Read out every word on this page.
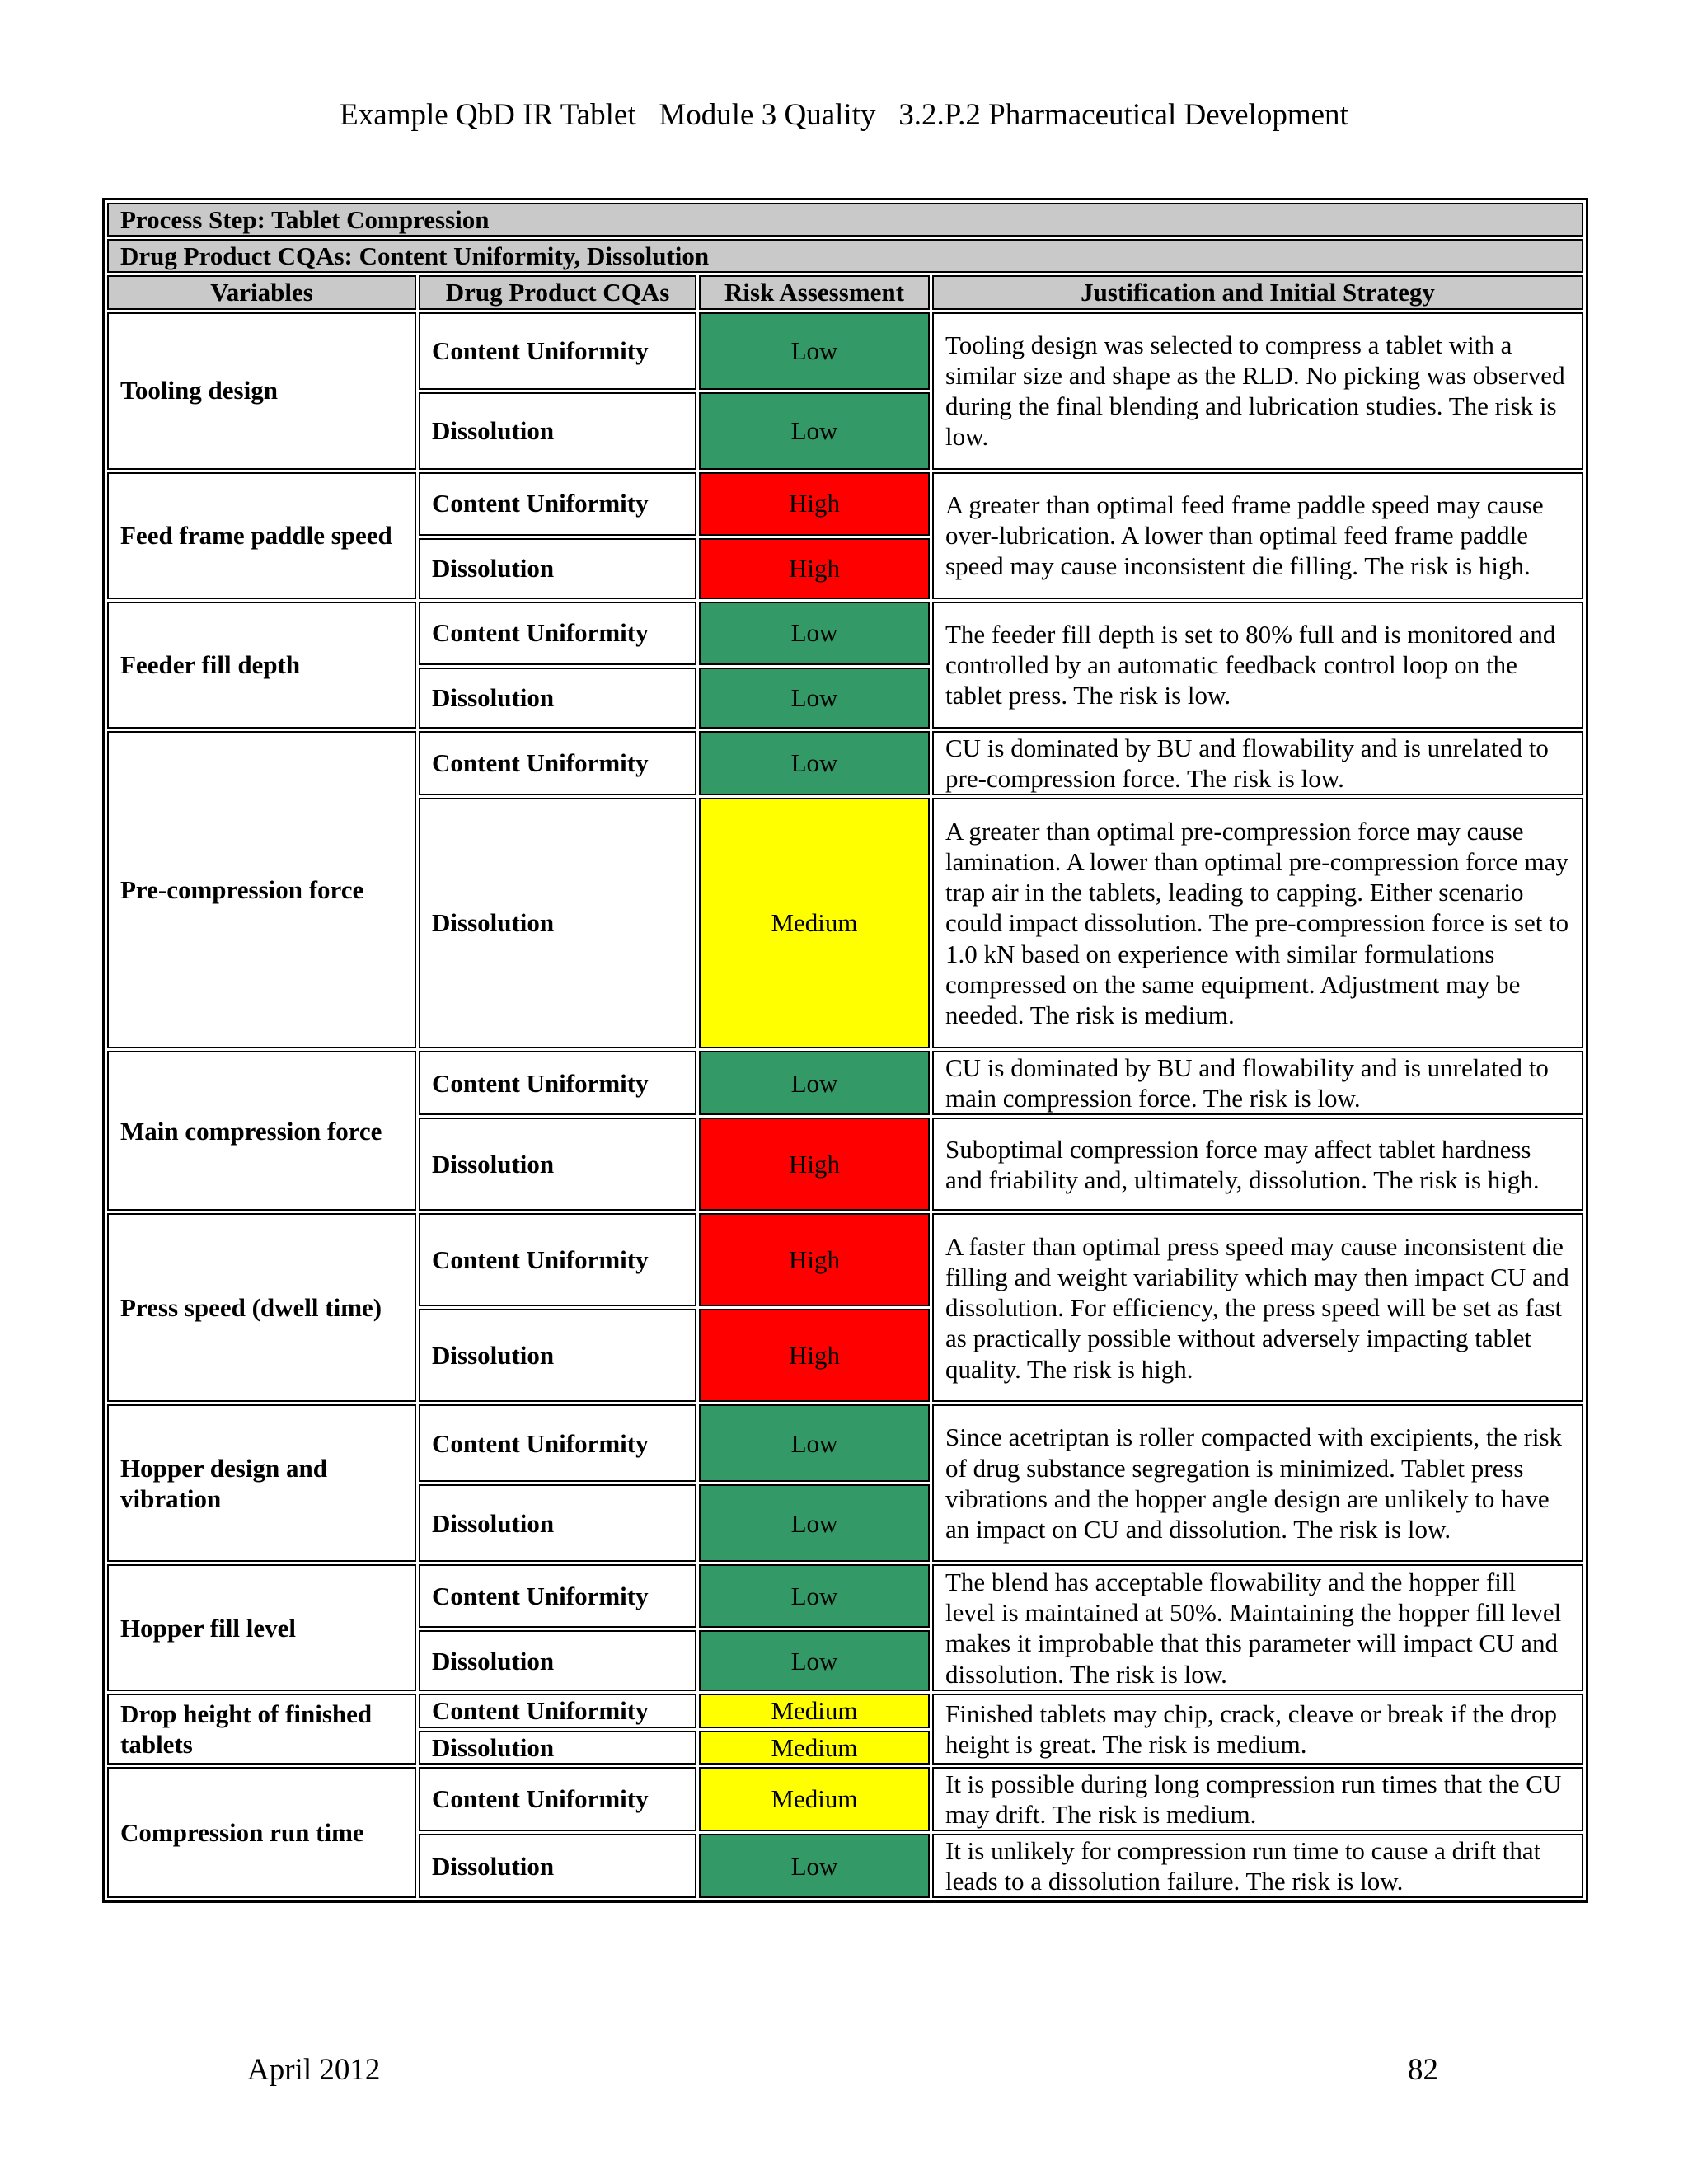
Example QbD IR Tablet   Module 3 Quality   3.2.P.2 Pharmaceutical Development
Process Step: Tablet Compression			
Drug Product CQAs: Content Uniformity, Dissolution			
Variables	Drug Product CQAs	Risk Assessment	Justification and Initial Strategy
Tooling design	Content Uniformity	Low	Tooling design was selected to compress a tablet with a similar size and shape as the RLD. No picking was observed during the final blending and lubrication studies. The risk is low.
	Dissolution	Low	
Feed frame paddle speed	Content Uniformity	High	A greater than optimal feed frame paddle speed may cause over-lubrication. A lower than optimal feed frame paddle speed may cause inconsistent die filling. The risk is high.
	Dissolution	High	
Feeder fill depth	Content Uniformity	Low	The feeder fill depth is set to 80% full and is monitored and controlled by an automatic feedback control loop on the tablet press. The risk is low.
	Dissolution	Low	
Pre-compression force	Content Uniformity	Low	CU is dominated by BU and flowability and is unrelated to pre-compression force. The risk is low.
	Dissolution	Medium	A greater than optimal pre-compression force may cause lamination. A lower than optimal pre-compression force may trap air in the tablets, leading to capping. Either scenario could impact dissolution. The pre-compression force is set to 1.0 kN based on experience with similar formulations compressed on the same equipment. Adjustment may be needed. The risk is medium.
Main compression force	Content Uniformity	Low	CU is dominated by BU and flowability and is unrelated to main compression force. The risk is low.
	Dissolution	High	Suboptimal compression force may affect tablet hardness and friability and, ultimately, dissolution. The risk is high.
Press speed (dwell time)	Content Uniformity	High	A faster than optimal press speed may cause inconsistent die filling and weight variability which may then impact CU and dissolution. For efficiency, the press speed will be set as fast as practically possible without adversely impacting tablet quality. The risk is high.
	Dissolution	High	
Hopper design and vibration	Content Uniformity	Low	Since acetriptan is roller compacted with excipients, the risk of drug substance segregation is minimized. Tablet press vibrations and the hopper angle design are unlikely to have an impact on CU and dissolution. The risk is low.
	Dissolution	Low	
Hopper fill level	Content Uniformity	Low	The blend has acceptable flowability and the hopper fill level is maintained at 50%. Maintaining the hopper fill level makes it improbable that this parameter will impact CU and dissolution. The risk is low.
	Dissolution	Low	
Drop height of finished tablets	Content Uniformity	Medium	Finished tablets may chip, crack, cleave or break if the drop height is great. The risk is medium.
	Dissolution	Medium	
Compression run time	Content Uniformity	Medium	It is possible during long compression run times that the CU may drift. The risk is medium.
	Dissolution	Low	It is unlikely for compression run time to cause a drift that leads to a dissolution failure. The risk is low.
April 2012	82
